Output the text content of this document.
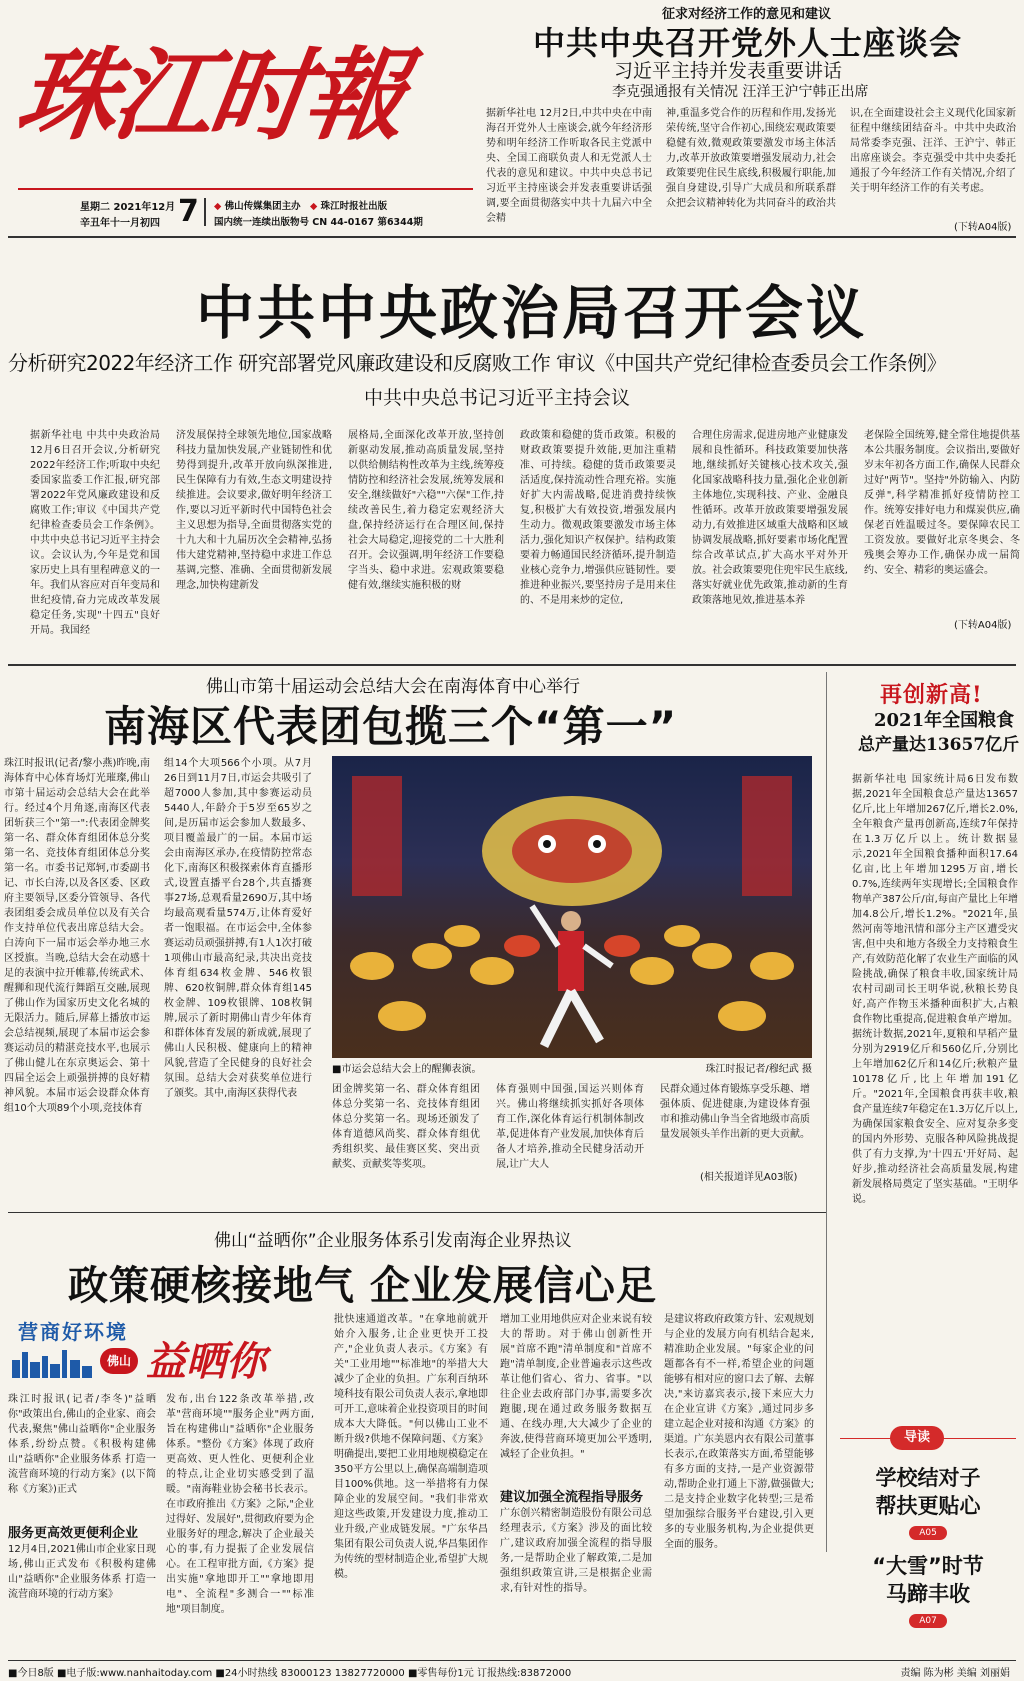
珠江时報
星期二 2021年12月
辛丑年十一月初四 7 ◆ 佛山传媒集团主办 ◆ 珠江时报社出版
国内统一连续出版物号 CN 44-0167 第6344期
征求对经济工作的意见和建议
中共中央召开党外人士座谈会
习近平主持并发表重要讲话
李克强通报有关情况 汪洋王沪宁韩正出席
据新华社电 12月2日,中共中央在中南海召开党外人士座谈会,就今年经济形势和明年经济工作听取各民主党派中央、全国工商联负责人和无党派人士代表的意见和建议。中共中央总书记习近平主持座谈会并发表重要讲话强调,要全面贯彻落实中共十九届六中全会精
神,重温多党合作的历程和作用,发扬光荣传统,坚守合作初心,围绕宏观政策要稳健有效,微观政策要激发市场主体活力,改革开放政策要增强发展动力,社会政策要兜住民生底线,积极履行职能,加强自身建设,引导广大成员和所联系群众把会议精神转化为共同奋斗的政治共
识,在全面建设社会主义现代化国家新征程中继续团结奋斗。中共中央政治局常委李克强、汪洋、王沪宁、韩正出席座谈会。李克强受中共中央委托通报了今年经济工作有关情况,介绍了关于明年经济工作的有关考虑。
(下转A04版)
中共中央政治局召开会议
分析研究2022年经济工作 研究部署党风廉政建设和反腐败工作 审议《中国共产党纪律检查委员会工作条例》
中共中央总书记习近平主持会议
据新华社电 中共中央政治局12月6日召开会议,分析研究2022年经济工作;听取中央纪委国家监委工作汇报,研究部署2022年党风廉政建设和反腐败工作;审议《中国共产党纪律检查委员会工作条例》。中共中央总书记习近平主持会议。会议认为,今年是党和国家历史上具有里程碑意义的一年。我们从容应对百年变局和世纪疫情,奋力完成改革发展稳定任务,实现"十四五"良好开局。我国经
济发展保持全球领先地位,国家战略科技力量加快发展,产业链韧性和优势得到提升,改革开放向纵深推进,民生保障有力有效,生态文明建设持续推进。会议要求,做好明年经济工作,要以习近平新时代中国特色社会主义思想为指导,全面贯彻落实党的十九大和十九届历次全会精神,弘扬伟大建党精神,坚持稳中求进工作总基调,完整、准确、全面贯彻新发展理念,加快构建新发
展格局,全面深化改革开放,坚持创新驱动发展,推动高质量发展,坚持以供给侧结构性改革为主线,统筹疫情防控和经济社会发展,统筹发展和安全,继续做好"六稳""六保"工作,持续改善民生,着力稳定宏观经济大盘,保持经济运行在合理区间,保持社会大局稳定,迎接党的二十大胜利召开。会议强调,明年经济工作要稳字当头、稳中求进。宏观政策要稳健有效,继续实施积极的财
政政策和稳健的货币政策。积极的财政政策要提升效能,更加注重精准、可持续。稳健的货币政策要灵活适度,保持流动性合理充裕。实施好扩大内需战略,促进消费持续恢复,积极扩大有效投资,增强发展内生动力。微观政策要激发市场主体活力,强化知识产权保护。结构政策要着力畅通国民经济循环,提升制造业核心竞争力,增强供应链韧性。要推进种业振兴,要坚持房子是用来住的、不是用来炒的定位,
合理住房需求,促进房地产业健康发展和良性循环。科技政策要加快落地,继续抓好关键核心技术攻关,强化国家战略科技力量,强化企业创新主体地位,实现科技、产业、金融良性循环。改革开放政策要增强发展动力,有效推进区域重大战略和区域协调发展战略,抓好要素市场化配置综合改革试点,扩大高水平对外开放。社会政策要兜住兜牢民生底线,落实好就业优先政策,推动新的生育政策落地见效,推进基本养
老保险全国统筹,健全常住地提供基本公共服务制度。会议指出,要做好岁末年初各方面工作,确保人民群众过好"两节"。坚持"外防输入、内防反弹",科学精准抓好疫情防控工作。统筹安排好电力和煤炭供应,确保老百姓温暖过冬。要保障农民工工资发放。要做好北京冬奥会、冬残奥会筹办工作,确保办成一届简约、安全、精彩的奥运盛会。
(下转A04版)
佛山市第十届运动会总结大会在南海体育中心举行
南海区代表团包揽三个“第一”
珠江时报讯(记者/黎小燕)昨晚,南海体育中心体育场灯光璀璨,佛山市第十届运动会总结大会在此举行。经过4个月角逐,南海区代表团斩获三个"第一":代表团金牌奖第一名、群众体育组团体总分奖第一名、竞技体育组团体总分奖第一名。市委书记郑轲,市委副书记、市长白涛,以及各区委、区政府主要领导,区委分管领导、各代表团组委会成员单位以及有关合作支持单位代表出席总结大会。白涛向下一届市运会举办地三水区授旗。当晚,总结大会在动感十足的表演中拉开帷幕,传统武术、醒狮和现代流行舞蹈互交融,展现了佛山作为国家历史文化名城的无限活力。随后,屏幕上播放市运会总结视频,展现了本届市运会参赛运动员的精湛竞技水平,也展示了佛山健儿在东京奥运会、第十四届全运会上顽强拼搏的良好精神风貌。本届市运会设群众体育组10个大项89个小项,竞技体育
组14个大项566个小项。从7月26日到11月7日,市运会共吸引了超7000人参加,其中参赛运动员5440人,年龄介于5岁至65岁之间,是历届市运会参加人数最多、项目覆盖最广的一届。本届市运会由南海区承办,在疫情防控常态化下,南海区积极探索体育直播形式,设置直播平台28个,共直播赛事27场,总观看量2690万,其中场均最高观看量574万,让体育爱好者一饱眼福。在市运会中,全体参赛运动员顽强拼搏,有1人1次打破1项佛山市最高纪录,共决出竞技体育组634枚金牌、546枚银牌、620枚铜牌,群众体育组145枚金牌、109枚银牌、108枚铜牌,展示了新时期佛山青少年体育和群体体育发展的新成就,展现了佛山人民积极、健康向上的精神风貌,营造了全民健身的良好社会氛围。总结大会对获奖单位进行了颁奖。其中,南海区获得代表
■市运会总结大会上的醒狮表演。	珠江时报记者/穆纪武 摄
团金牌奖第一名、群众体育组团体总分奖第一名、竞技体育组团体总分奖第一名。现场还颁发了体育道德风尚奖、群众体育组优秀组织奖、最佳赛区奖、突出贡献奖、贡献奖等奖项。
体育强则中国强,国运兴则体育兴。佛山将继续抓实抓好各项体育工作,深化体育运行机制体制改革,促进体育产业发展,加快体育后备人才培养,推动全民健身活动开展,让广大人
民群众通过体育锻炼享受乐趣、增强体质、促进健康,为建设体育强市和推动佛山争当全省地级市高质量发展领头羊作出新的更大贡献。
(相关报道详见A03版)
再创新高!
2021年全国粮食
总产量达13657亿斤
据新华社电 国家统计局6日发布数据,2021年全国粮食总产量达13657亿斤,比上年增加267亿斤,增长2.0%,全年粮食产量再创新高,连续7年保持在1.3万亿斤以上。统计数据显示,2021年全国粮食播种面积17.64亿亩,比上年增加1295万亩,增长0.7%,连续两年实现增长;全国粮食作物单产387公斤/亩,每亩产量比上年增加4.8公斤,增长1.2%。"2021年,虽然河南等地汛情和部分主产区遭受灾害,但中央和地方各级全力支持粮食生产,有效防范化解了农业生产面临的风险挑战,确保了粮食丰收,国家统计局农村司副司长王明华说,秋粮长势良好,高产作物玉米播种面积扩大,占粮食作物比重提高,促进粮食单产增加。据统计数据,2021年,夏粮和早稻产量分别为2919亿斤和560亿斤,分别比上年增加62亿斤和14亿斤;秋粮产量10178亿斤,比上年增加191亿斤。"2021年,全国粮食再获丰收,粮食产量连续7年稳定在1.3万亿斤以上,为确保国家粮食安全、应对复杂多变的国内外形势、克服各种风险挑战提供了有力支撑,为'十四五'开好局、起好步,推动经济社会高质量发展,构建新发展格局奠定了坚实基础。"王明华说。
佛山“益晒你”企业服务体系引发南海企业界热议
政策硬核接地气 企业发展信心足
营商好环境
佛山 益晒你
珠江时报讯(记者/李冬)"益晒你"政策出台,佛山的企业家、商会代表,聚焦"佛山益晒你"企业服务体系,纷纷点赞。《积极构建佛山"益晒你"企业服务体系 打造一流营商环境的行动方案》(以下简称《方案》)正式
服务更高效更便利企业
12月4日,2021佛山市企业家日现场,佛山正式发布《积极构建佛山"益晒你"企业服务体系 打造一流营商环境的行动方案》
发布,出台122条改革举措,改革"营商环境""服务企业"两方面,旨在构建佛山"益晒你"企业服务体系。"整份《方案》体现了政府更高效、更人性化、更便利企业的特点,让企业切实感受到了温暖。"南海鞋业协会秘书长表示。在市政府推出《方案》之际,"企业过得好、发展好",贯彻政府要为企业服务好的理念,解决了企业最关心的事,有力提振了企业发展信心。在工程审批方面,《方案》提出实施"拿地即开工""拿地即用电"、全流程"多测合一""标准地"项目制度。
批快速通道改革。"在拿地前就开始介入服务,让企业更快开工投产,"企业负责人表示。《方案》有关"工业用地""标准地"的举措大大减少了企业的负担。广东利百纳环境科技有限公司负责人表示,拿地即可开工,意味着企业投资项目的时间成本大大降低。"何以佛山工业不断升级?供地不保障问题、《方案》明确提出,要把工业用地规模稳定在350平方公里以上,确保高端制造项目100%供地。这一举措将有力保障企业的发展空间。"我们非常欢迎这些政策,开发建设力度,推动工业升级,产业成链发展。"广东华昌集团有限公司负责人说,华昌集团作为传统的型材制造企业,希望扩大规模。
增加工业用地供应对企业来说有较大的帮助。对于佛山创新性开展"首席不跑"清单制度和"首席不跑"清单制度,企业普遍表示这些改革让他们省心、省力、省事。"以往企业去政府部门办事,需要多次跑腿,现在通过政务服务数据互通、在线办理,大大减少了企业的奔波,使得营商环境更加公平透明,减轻了企业负担。"
建议加强全流程指导服务
广东创兴精密制造股份有限公司总经理表示,《方案》涉及的面比较广,建议政府加强全流程的指导服务,一是帮助企业了解政策,二是加强组织政策宣讲,三是根据企业需求,有针对性的指导。
是建议将政府政策方针、宏观规划与企业的发展方向有机结合起来,精准助企业发展。"每家企业的问题都各有不一样,希望企业的问题能够有相对应的窗口去了解、去解决,"来访嘉宾表示,接下来应大力在企业宣讲《方案》,通过同步多建立起企业对接和沟通《方案》的渠道。广东美恩内衣有限公司董事长表示,在政策落实方面,希望能够有多方面的支持,一是产业资源带动,帮助企业打通上下游,做强做大;二是支持企业数字化转型;三是希望加强综合服务平台建设,引入更多的专业服务机构,为企业提供更全面的服务。
导读
学校结对子
帮扶更贴心
A05
“大雪”时节
马蹄丰收
A07
■今日8版 ■电子版:www.nanhaitoday.com ■24小时热线 83000123 13827720000 ■零售每份1元 订报热线:83872000	责编 陈为彬 美编 刘丽娟
